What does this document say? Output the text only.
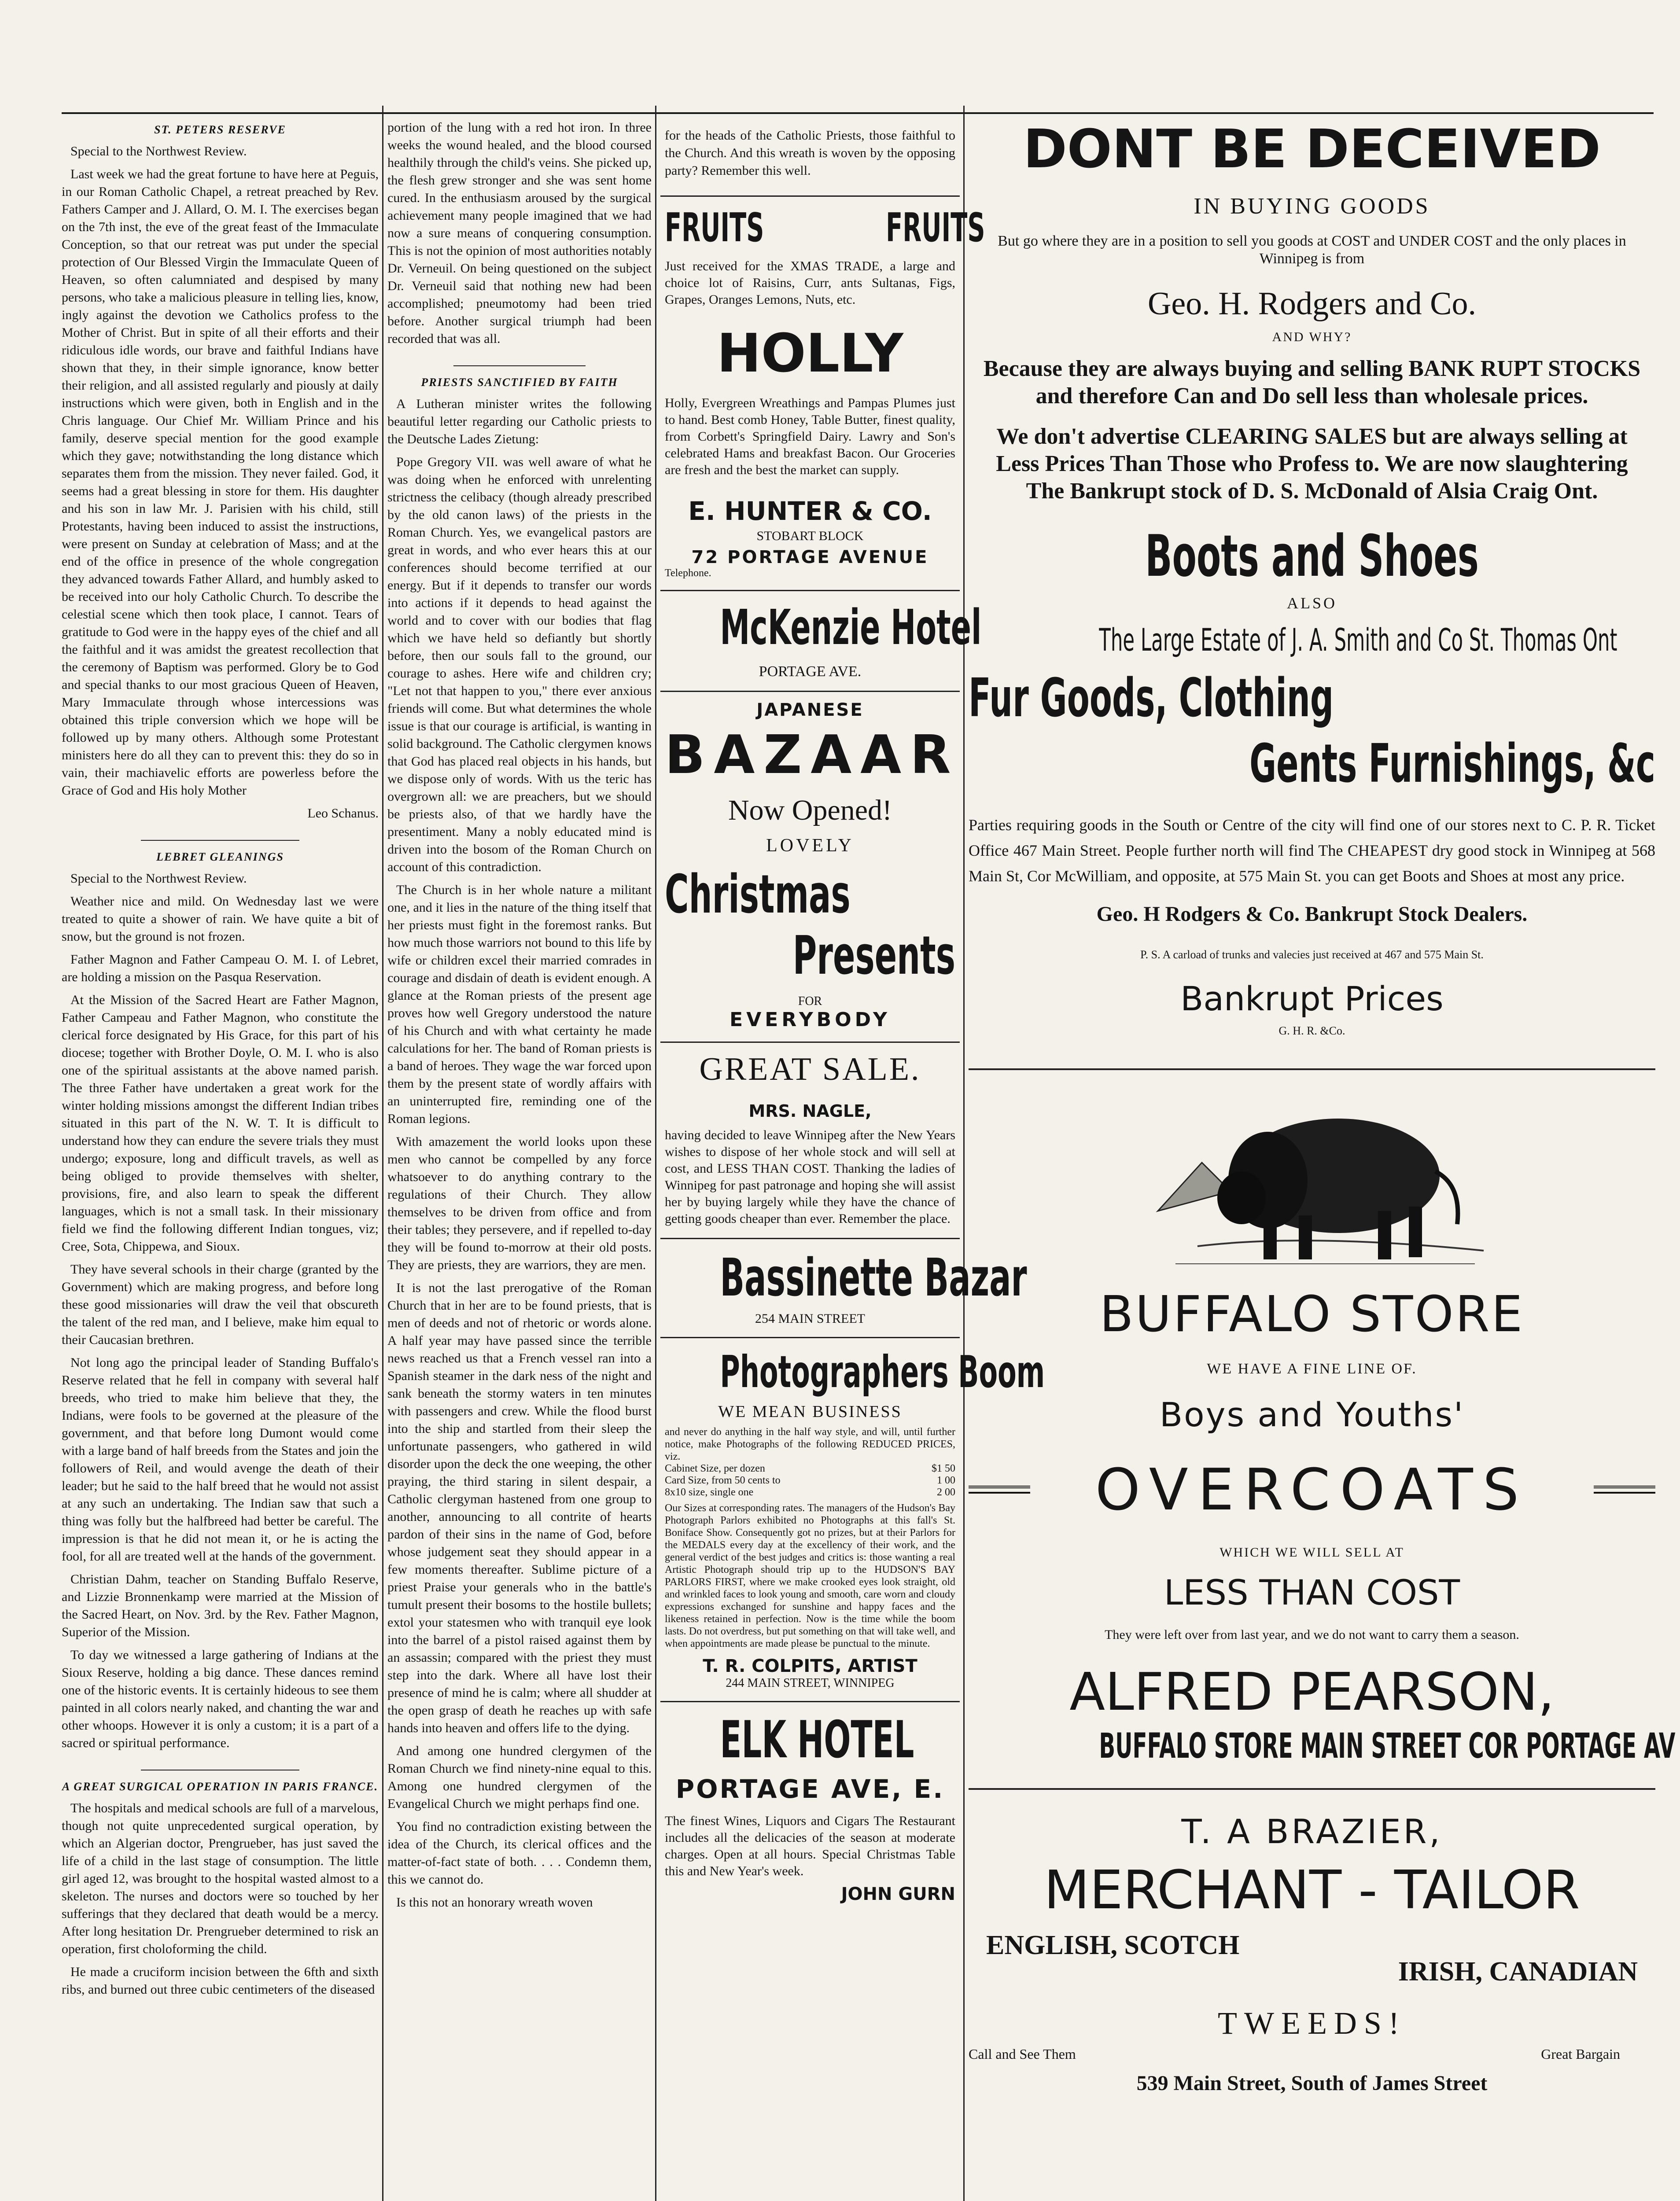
ST. PETERS RESERVE

Special to the Northwest Review.

Last week we had the great fortune to have here at Peguis, in our Roman Catholic Chapel, a retreat preached by Rev. Fathers Camper and J. Allard, O. M. I. The exercises began on the 7th inst, the eve of the great feast of the Immaculate Conception, so that our retreat was put under the special protection of Our Blessed Virgin the Immaculate Queen of Heaven, so often calumniated and despised by many persons, who take a malicious pleasure in telling lies, know, ingly against the devotion we Catholics profess to the Mother of Christ. But in spite of all their efforts and their ridiculous idle words, our brave and faithful Indians have shown that they, in their simple ignorance, know better their religion, and all assisted regularly and piously at daily instructions which were given, both in English and in the Chris language. Our Chief Mr. William Prince and his family, deserve special mention for the good example which they gave; notwithstanding the long distance which separates them from the mission. They never failed. God, it seems had a great blessing in store for them. His daughter and his son in law Mr. J. Parisien with his child, still Protestants, having been induced to assist the instructions, were present on Sunday at celebration of Mass; and at the end of the office in presence of the whole congregation they advanced towards Father Allard, and humbly asked to be received into our holy Catholic Church. To describe the celestial scene which then took place, I cannot. Tears of gratitude to God were in the happy eyes of the chief and all the faithful and it was amidst the greatest recollection that the ceremony of Baptism was performed. Glory be to God and special thanks to our most gracious Queen of Heaven, Mary Immaculate through whose intercessions was obtained this triple conversion which we hope will be followed up by many others. Although some Protestant ministers here do all they can to prevent this: they do so in vain, their machiavelic efforts are powerless before the Grace of God and His holy Mother

Leo Schanus.
LEBRET GLEANINGS

Special to the Northwest Review.

Weather nice and mild. On Wednesday last we were treated to quite a shower of rain. We have quite a bit of snow, but the ground is not frozen.

Father Magnon and Father Campeau O. M. I. of Lebret, are holding a mission on the Pasqua Reservation.

At the Mission of the Sacred Heart are Father Magnon, Father Campeau and Father Magnon, who constitute the clerical force designated by His Grace, for this part of his diocese; together with Brother Doyle, O. M. I. who is also one of the spiritual assistants at the above named parish. The three Father have undertaken a great work for the winter holding missions amongst the different Indian tribes situated in this part of the N. W. T. It is difficult to understand how they can endure the severe trials they must undergo; exposure, long and difficult travels, as well as being obliged to provide themselves with shelter, provisions, fire, and also learn to speak the different languages, which is not a small task. In their missionary field we find the following different Indian tongues, viz; Cree, Sota, Chippewa, and Sioux.

They have several schools in their charge (granted by the Government) which are making progress, and before long these good missionaries will draw the veil that obscureth the talent of the red man, and I believe, make him equal to their Caucasian brethren.

Not long ago the principal leader of Standing Buffalo's Reserve related that he fell in company with several half breeds, who tried to make him believe that they, the Indians, were fools to be governed at the pleasure of the government, and that before long Dumont would come with a large band of half breeds from the States and join the followers of Reil, and would avenge the death of their leader; but he said to the half breed that he would not assist at any such an undertaking. The Indian saw that such a thing was folly but the halfbreed had better be careful. The impression is that he did not mean it, or he is acting the fool, for all are treated well at the hands of the government.

Christian Dahm, teacher on Standing Buffalo Reserve, and Lizzie Bronnenkamp were married at the Mission of the Sacred Heart, on Nov. 3rd. by the Rev. Father Magnon, Superior of the Mission.

To day we witnessed a large gathering of Indians at the Sioux Reserve, holding a big dance. These dances remind one of the historic events. It is certainly hideous to see them painted in all colors nearly naked, and chanting the war and other whoops. However it is only a custom; it is a part of a sacred or spiritual performance.

A GREAT SURGICAL OPERATION IN PARIS FRANCE.

The hospitals and medical schools are full of a marvelous, though not quite unprecedented surgical operation, by which an Algerian doctor, Prengrueber, has just saved the life of a child in the last stage of consumption. The little girl aged 12, was brought to the hospital wasted almost to a skeleton. The nurses and doctors were so touched by her sufferings that they declared that death would be a mercy. After long hesitation Dr. Prengrueber determined to risk an operation, first choloforming the child.

He made a cruciform incision between the 6fth and sixth ribs, and burned out three cubic centimeters of the diseased

portion of the lung with a red hot iron. In three weeks the wound healed, and the blood coursed healthily through the child's veins. She picked up, the flesh grew stronger and she was sent home cured. In the enthusiasm aroused by the surgical achievement many people imagined that we had now a sure means of conquering consumption. This is not the opinion of most authorities notably Dr. Verneuil. On being questioned on the subject Dr. Verneuil said that nothing new had been accomplished; pneumotomy had been tried before. Another surgical triumph had been recorded that was all.

PRIESTS SANCTIFIED BY FAITH

A Lutheran minister writes the following beautiful letter regarding our Catholic priests to the Deutsche Lades Zietung:

Pope Gregory VII. was well aware of what he was doing when he enforced with unrelenting strictness the celibacy (though already prescribed by the old canon laws) of the priests in the Roman Church. Yes, we evangelical pastors are great in words, and who ever hears this at our conferences should become terrified at our energy. But if it depends to transfer our words into actions if it depends to head against the world and to cover with our bodies that flag which we have held so defiantly but shortly before, then our souls fall to the ground, our courage to ashes. Here wife and children cry; "Let not that happen to you," there ever anxious friends will come. But what determines the whole issue is that our courage is artificial, is wanting in solid background. The Catholic clergymen knows that God has placed real objects in his hands, but we dispose only of words. With us the teric has overgrown all: we are preachers, but we should be priests also, of that we hardly have the presentiment. Many a nobly educated mind is driven into the bosom of the Roman Church on account of this contradiction.

The Church is in her whole nature a militant one, and it lies in the nature of the thing itself that her priests must fight in the foremost ranks. But how much those warriors not bound to this life by wife or children excel their married comrades in courage and disdain of death is evident enough. A glance at the Roman priests of the present age proves how well Gregory understood the nature of his Church and with what certainty he made calculations for her. The band of Roman priests is a band of heroes. They wage the war forced upon them by the present state of wordly affairs with an uninterrupted fire, reminding one of the Roman legions.

With amazement the world looks upon these men who cannot be compelled by any force whatsoever to do anything contrary to the regulations of their Church. They allow themselves to be driven from office and from their tables; they persevere, and if repelled to-day they will be found to-morrow at their old posts. They are priests, they are warriors, they are men.

It is not the last prerogative of the Roman Church that in her are to be found priests, that is men of deeds and not of rhetoric or words alone. A half year may have passed since the terrible news reached us that a French vessel ran into a Spanish steamer in the dark ness of the night and sank beneath the stormy waters in ten minutes with passengers and crew. While the flood burst into the ship and startled from their sleep the unfortunate passengers, who gathered in wild disorder upon the deck the one weeping, the other praying, the third staring in silent despair, a Catholic clergyman hastened from one group to another, announcing to all contrite of hearts pardon of their sins in the name of God, before whose judgement seat they should appear in a few moments thereafter. Sublime picture of a priest Praise your generals who in the battle's tumult present their bosoms to the hostile bullets; extol your statesmen who with tranquil eye look into the barrel of a pistol raised against them by an assassin; compared with the priest they must step into the dark. Where all have lost their presence of mind he is calm; where all shudder at the open grasp of death he reaches up with safe hands into heaven and offers life to the dying.

And among one hundred clergymen of the Roman Church we find ninety-nine equal to this. Among one hundred clergymen of the Evangelical Church we might perhaps find one.

You find no contradiction existing between the idea of the Church, its clerical offices and the matter-of-fact state of both. . . . Condemn them, this we cannot do.

Is this not an honorary wreath woven

for the heads of the Catholic Priests, those faithful to the Church. And this wreath is woven by the opposing party? Remember this well.

FRUITS	FRUITS
Just received for the XMAS TRADE, a large and choice lot of Raisins, Curr, ants Sultanas, Figs, Grapes, Oranges Lemons, Nuts, etc.
HOLLY
Holly, Evergreen Wreathings and Pampas Plumes just to hand. Best comb Honey, Table Butter, finest quality, from Corbett's Springfield Dairy. Lawry and Son's celebrated Hams and breakfast Bacon. Our Groceries are fresh and the best the market can supply.
E. HUNTER & CO.
STOBART BLOCK
72 PORTAGE AVENUE
Telephone.
McKenzie Hotel
PORTAGE AVE.
JAPANESE
BAZAAR
Now Opened!
LOVELY
Christmas
Presents
FOR
EVERYBODY
GREAT SALE.
MRS. NAGLE,
having decided to leave Winnipeg after the New Years wishes to dispose of her whole stock and will sell at cost, and LESS THAN COST. Thanking the ladies of Winnipeg for past patronage and hoping she will assist her by buying largely while they have the chance of getting goods cheaper than ever. Remember the place.
Bassinette Bazar
254 MAIN STREET
Photographers Boom
WE MEAN BUSINESS
and never do anything in the half way style, and will, until further notice, make Photographs of the following REDUCED PRICES, viz.
Cabinet Size, per dozen	$1 50
Card Size, from 50 cents to	1 00
8x10 size, single one	2 00
Our Sizes at corresponding rates. The managers of the Hudson's Bay Photograph Parlors exhibited no Photographs at this fall's St. Boniface Show. Consequently got no prizes, but at their Parlors for the MEDALS every day at the excellency of their work, and the general verdict of the best judges and critics is: those wanting a real Artistic Photograph should trip up to the HUDSON'S BAY PARLORS FIRST, where we make crooked eyes look straight, old and wrinkled faces to look young and smooth, care worn and cloudy expressions exchanged for sunshine and happy faces and the likeness retained in perfection. Now is the time while the boom lasts. Do not overdress, but put something on that will take well, and when appointments are made please be punctual to the minute.
T. R. COLPITS, ARTIST
244 MAIN STREET, WINNIPEG
ELK HOTEL
PORTAGE AVE, E.
The finest Wines, Liquors and Cigars The Restaurant includes all the delicacies of the season at moderate charges. Open at all hours. Special Christmas Table this and New Year's week.
JOHN GURN
DONT BE DECEIVED
IN BUYING GOODS
But go where they are in a position to sell you goods at COST and UNDER COST and the only places in Winnipeg is from
Geo. H. Rodgers and Co.
AND WHY?
Because they are always buying and selling BANK RUPT STOCKS and therefore Can and Do sell less than wholesale prices.
We don't advertise CLEARING SALES but are always selling at Less Prices Than Those who Profess to. We are now slaughtering The Bankrupt stock of D. S. McDonald of Alsia Craig Ont.
Boots and Shoes
ALSO
The Large Estate of J. A. Smith and Co St. Thomas Ont
Fur Goods, Clothing
Gents Furnishings, &c
Parties requiring goods in the South or Centre of the city will find one of our stores next to C. P. R. Ticket Office 467 Main Street. People further north will find The CHEAPEST dry good stock in Winnipeg at 568 Main St, Cor McWilliam, and opposite, at 575 Main St. you can get Boots and Shoes at most any price.
Geo. H Rodgers & Co. Bankrupt Stock Dealers.
P. S. A carload of trunks and valecies just received at 467 and 575 Main St.
Bankrupt Prices
G. H. R. &Co.
BUFFALO STORE
WE HAVE A FINE LINE OF.
Boys and Youths'
OVERCOATS
WHICH WE WILL SELL AT
LESS THAN COST
They were left over from last year, and we do not want to carry them a season.
ALFRED PEARSON,
BUFFALO STORE MAIN STREET COR PORTAGE AV
T. A BRAZIER,
MERCHANT - TAILOR
ENGLISH, SCOTCH
IRISH, CANADIAN
TWEEDS!
Call and See Them	Great Bargain
539 Main Street, South of James Street
